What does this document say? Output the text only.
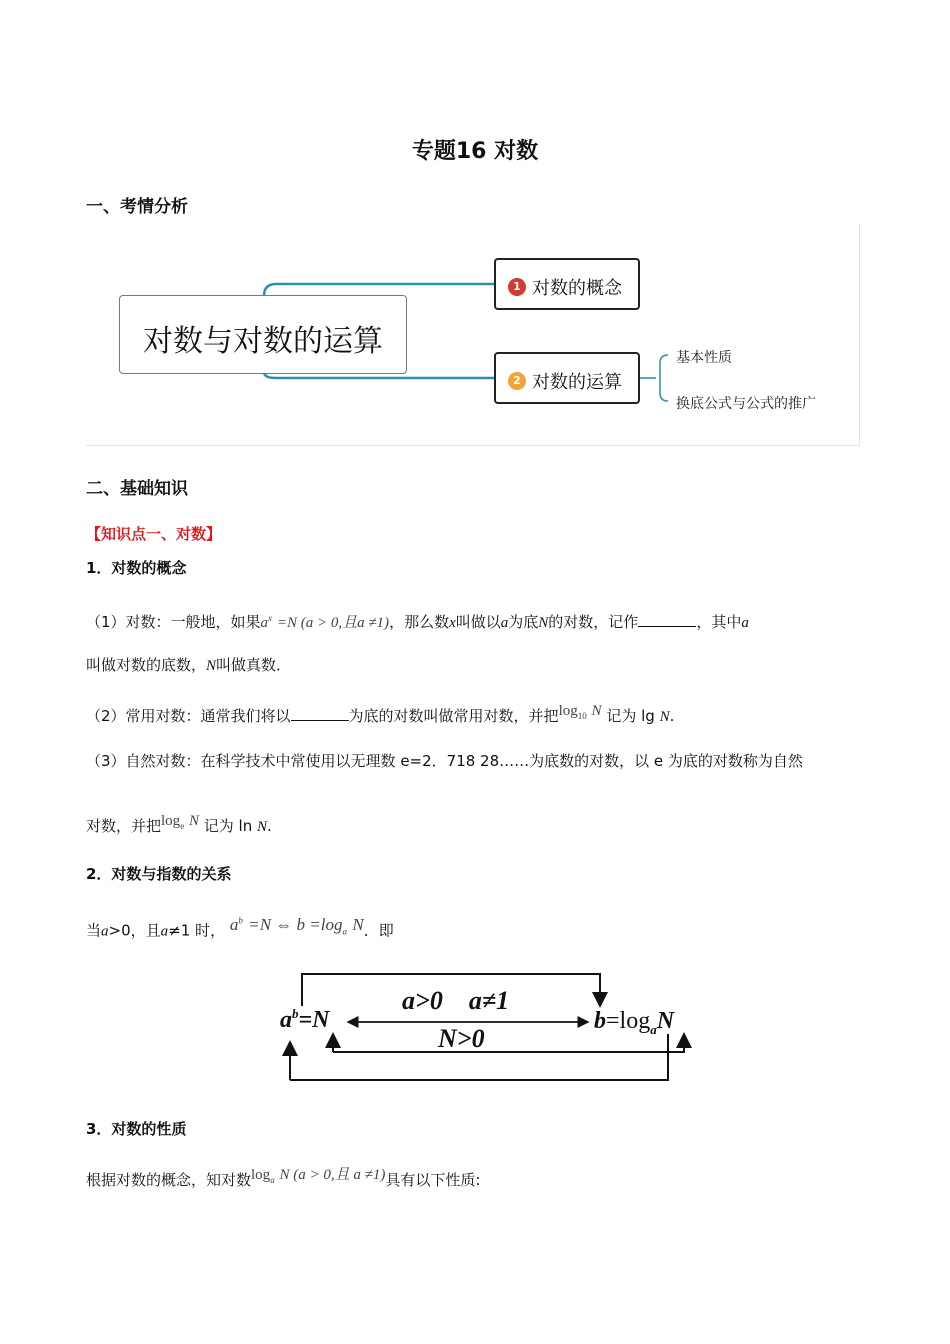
专题16 对数
一、考情分析
对数与对数的运算
1 对数的概念
2 对数的运算
基本性质
换底公式与公式的推广
二、基础知识
【知识点一、对数】
1．对数的概念
（1）对数：一般地，如果$a^x =N$ (a > 0,且a ≠1)，那么数x叫做以a为底N的对数，记作	，其中a
叫做对数的底数，N叫做真数．
（2）常用对数：通常我们将以	为底的对数叫做常用对数，并把$\log_{10} N$ 记为 lg N.
（3）自然对数：在科学技术中常使用以无理数 e=2．718 28……为底数的对数，以 e 为底的对数称为自然
对数，并把$\log_e N$ 记为 ln N.
2．对数与指数的关系
当a>0，且a≠1 时， $a^b =N$ ⇔ $b =\log_a$ N．即
$a^b=N$
a>0    a≠1
N>0
$b=\log_aN$
3．对数的性质
根据对数的概念，知对数$\log_a N$ (a > 0,且 a ≠1)具有以下性质:
